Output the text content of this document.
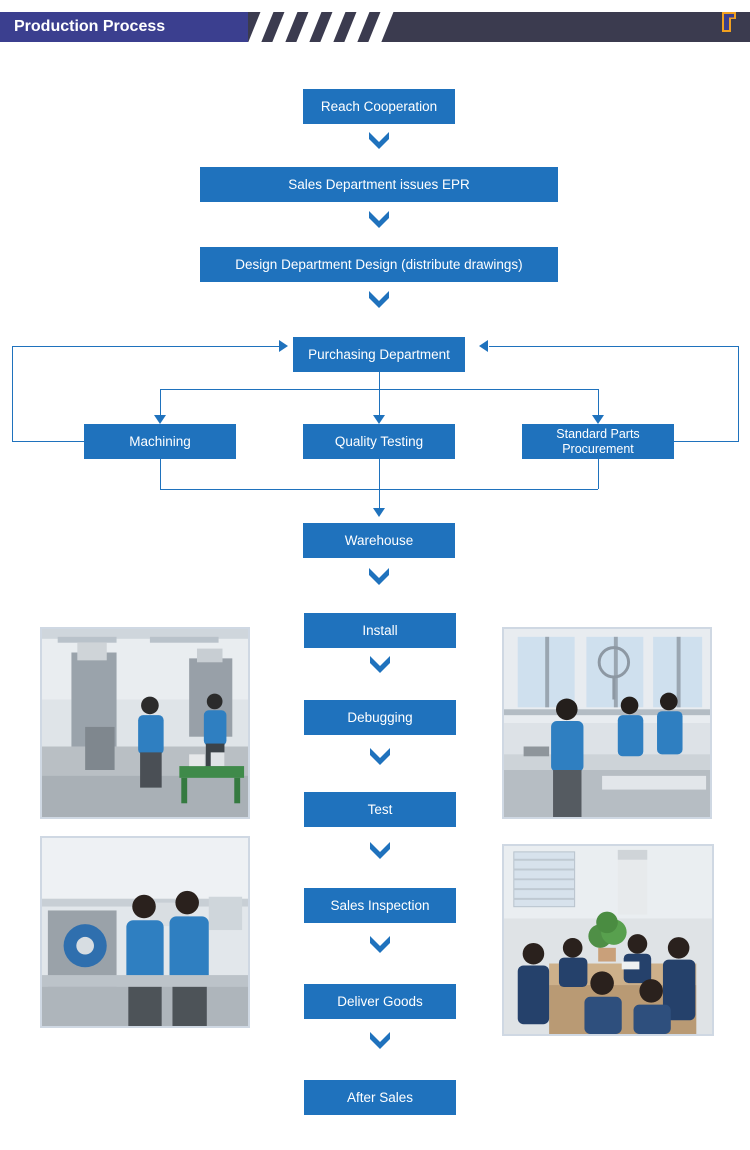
Production Process
Reach Cooperation
Sales Department issues EPR
Design Department Design (distribute drawings)
Purchasing Department
Machining	Quality Testing	Standard Parts Procurement
Warehouse
Install
Debugging
Test
Sales Inspection
Deliver Goods
After Sales
